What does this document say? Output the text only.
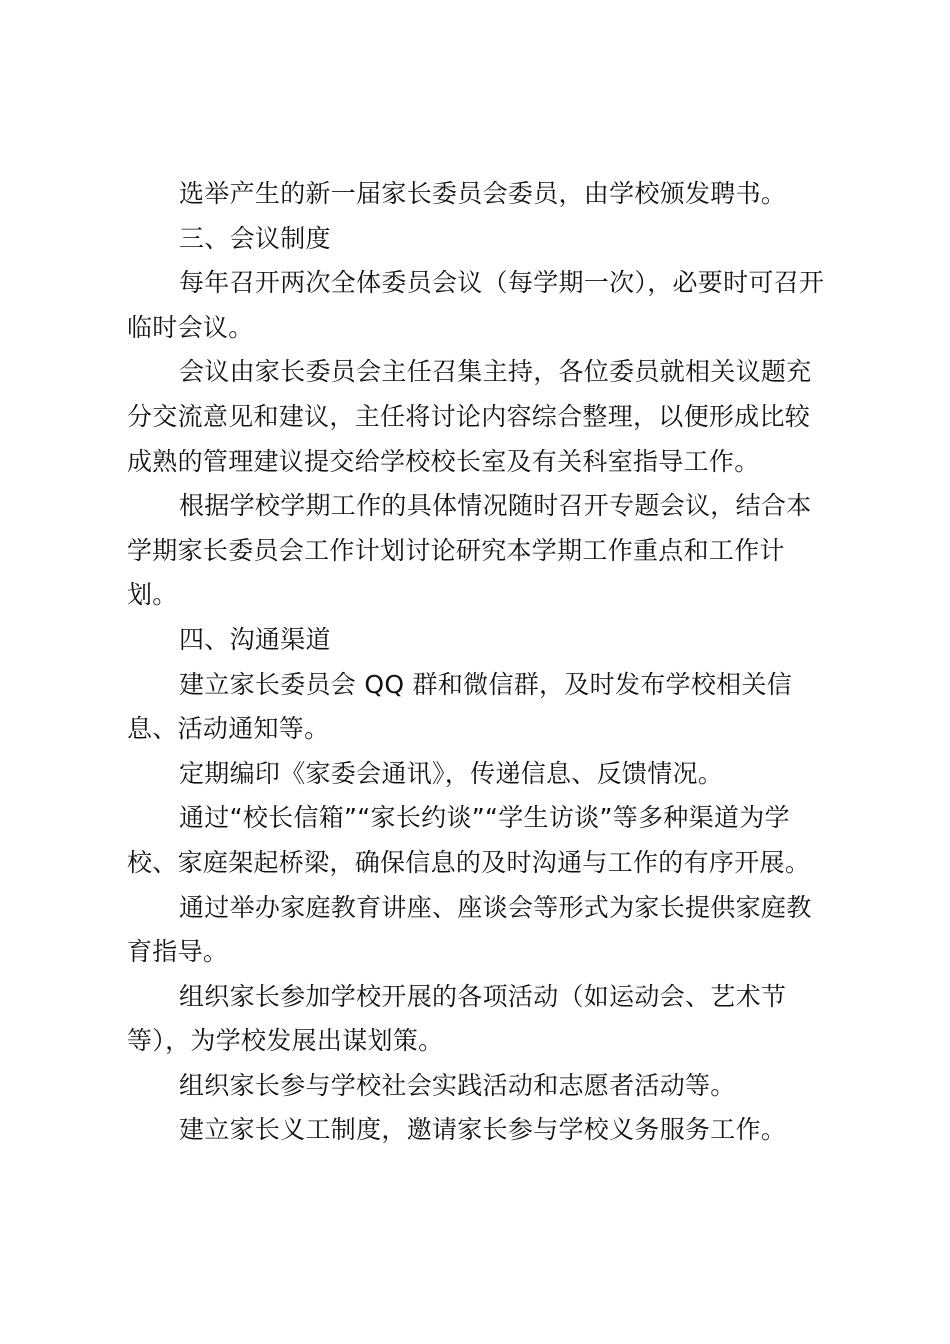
选举产生的新一届家长委员会委员，由学校颁发聘书。
三、会议制度
每年召开两次全体委员会议（每学期一次），必要时可召开临时会议。
会议由家长委员会主任召集主持，各位委员就相关议题充分交流意见和建议，主任将讨论内容综合整理，以便形成比较成熟的管理建议提交给学校校长室及有关科室指导工作。
根据学校学期工作的具体情况随时召开专题会议，结合本学期家长委员会工作计划讨论研究本学期工作重点和工作计划。
四、沟通渠道
建立家长委员会 QQ 群和微信群，及时发布学校相关信息、活动通知等。
定期编印《家委会通讯》，传递信息、反馈情况。
通过“校长信箱”“家长约谈”“学生访谈”等多种渠道为学校、家庭架起桥梁，确保信息的及时沟通与工作的有序开展。
通过举办家庭教育讲座、座谈会等形式为家长提供家庭教育指导。
组织家长参加学校开展的各项活动（如运动会、艺术节等），为学校发展出谋划策。
组织家长参与学校社会实践活动和志愿者活动等。
建立家长义工制度，邀请家长参与学校义务服务工作。
